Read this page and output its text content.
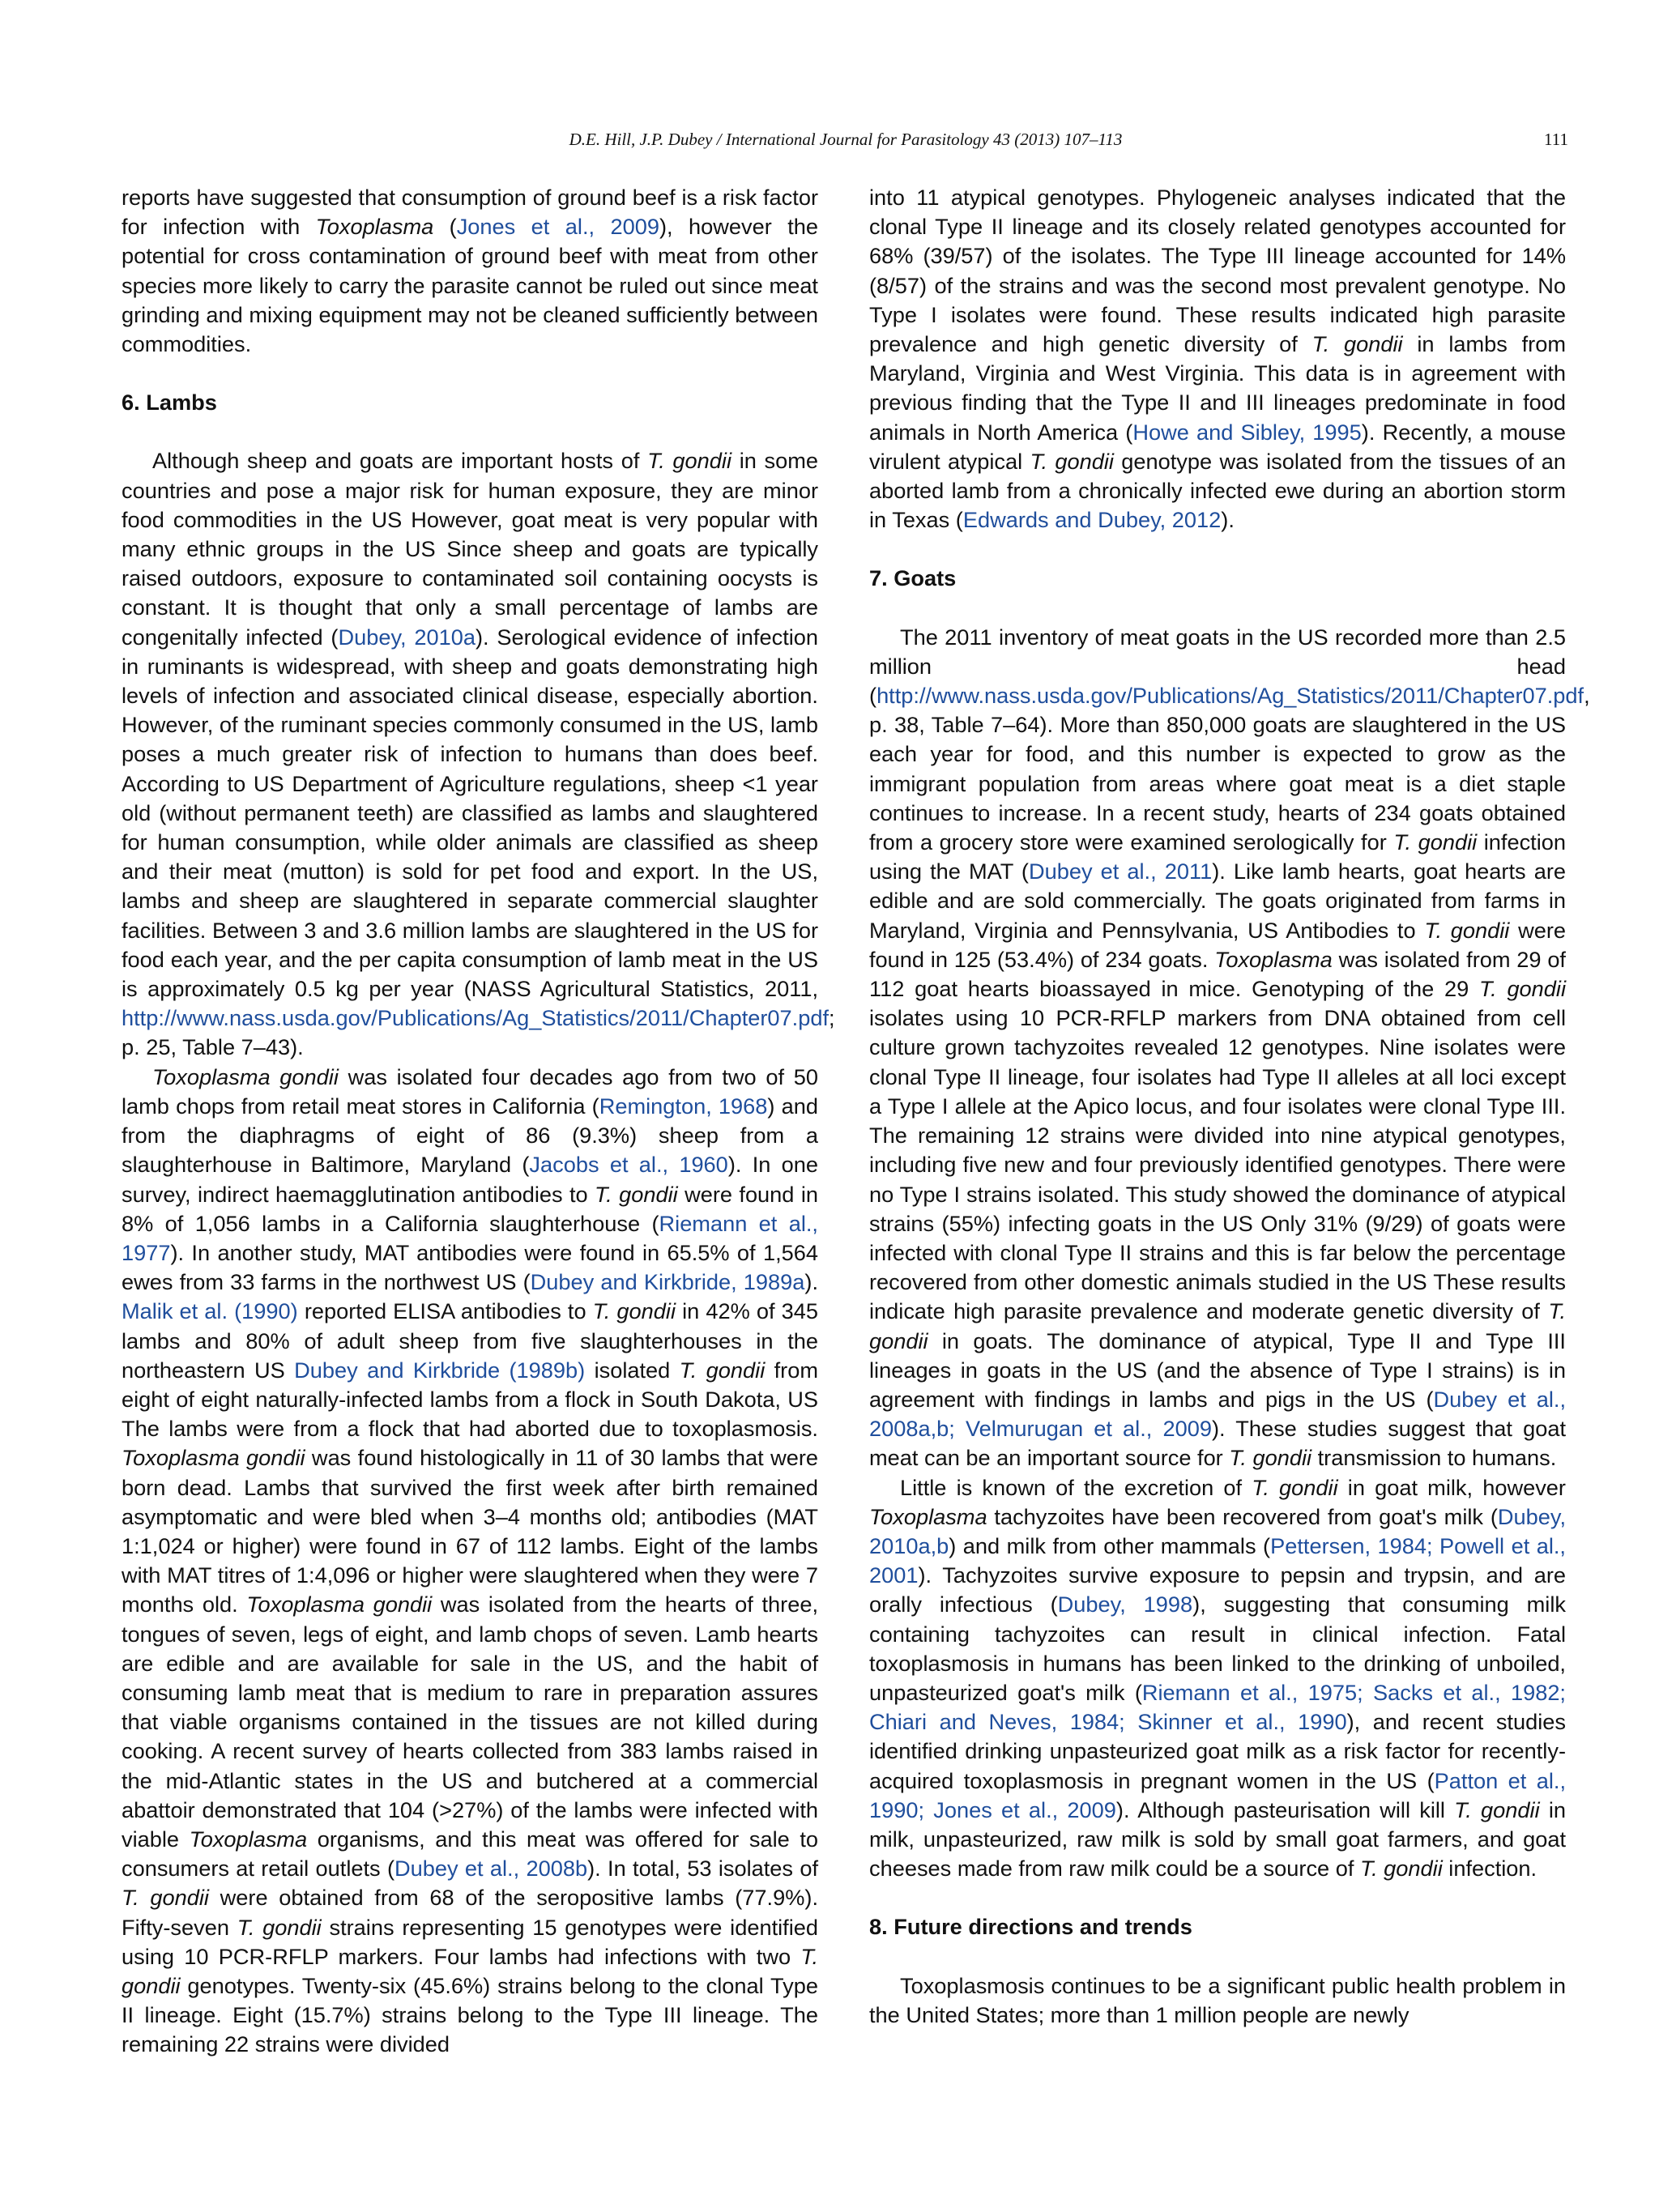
D.E. Hill, J.P. Dubey / International Journal for Parasitology 43 (2013) 107–113	111

reports have suggested that consumption of ground beef is a risk factor for infection with Toxoplasma (Jones et al., 2009), however the potential for cross contamination of ground beef with meat from other species more likely to carry the parasite cannot be ruled out since meat grinding and mixing equipment may not be cleaned sufficiently between commodities.

6. Lambs

Although sheep and goats are important hosts of T. gondii in some countries and pose a major risk for human exposure, they are minor food commodities in the US However, goat meat is very popular with many ethnic groups in the US Since sheep and goats are typically raised outdoors, exposure to contaminated soil containing oocysts is constant. It is thought that only a small percentage of lambs are congenitally infected (Dubey, 2010a). Serological evidence of infection in ruminants is widespread, with sheep and goats demonstrating high levels of infection and associated clinical disease, especially abortion. However, of the ruminant species commonly consumed in the US, lamb poses a much greater risk of infection to humans than does beef. According to US Department of Agriculture regulations, sheep <1 year old (without permanent teeth) are classified as lambs and slaughtered for human consumption, while older animals are classified as sheep and their meat (mutton) is sold for pet food and export. In the US, lambs and sheep are slaughtered in separate commercial slaughter facilities. Between 3 and 3.6 million lambs are slaughtered in the US for food each year, and the per capita consumption of lamb meat in the US is approximately 0.5 kg per year (NASS Agricultural Statistics, 2011, http://www.nass.usda.gov/Publications/Ag_Statistics/2011/Chapter07.pdf; p. 25, Table 7–43).

Toxoplasma gondii was isolated four decades ago from two of 50 lamb chops from retail meat stores in California (Remington, 1968) and from the diaphragms of eight of 86 (9.3%) sheep from a slaughterhouse in Baltimore, Maryland (Jacobs et al., 1960). In one survey, indirect haemagglutination antibodies to T. gondii were found in 8% of 1,056 lambs in a California slaughterhouse (Riemann et al., 1977). In another study, MAT antibodies were found in 65.5% of 1,564 ewes from 33 farms in the northwest US (Dubey and Kirkbride, 1989a). Malik et al. (1990) reported ELISA antibodies to T. gondii in 42% of 345 lambs and 80% of adult sheep from five slaughterhouses in the northeastern US Dubey and Kirkbride (1989b) isolated T. gondii from eight of eight naturally-infected lambs from a flock in South Dakota, US The lambs were from a flock that had aborted due to toxoplasmosis. Toxoplasma gondii was found histologically in 11 of 30 lambs that were born dead. Lambs that survived the first week after birth remained asymptomatic and were bled when 3–4 months old; antibodies (MAT 1:1,024 or higher) were found in 67 of 112 lambs. Eight of the lambs with MAT titres of 1:4,096 or higher were slaughtered when they were 7 months old. Toxoplasma gondii was isolated from the hearts of three, tongues of seven, legs of eight, and lamb chops of seven. Lamb hearts are edible and are available for sale in the US, and the habit of consuming lamb meat that is medium to rare in preparation assures that viable organisms contained in the tissues are not killed during cooking. A recent survey of hearts collected from 383 lambs raised in the mid-Atlantic states in the US and butchered at a commercial abattoir demonstrated that 104 (>27%) of the lambs were infected with viable Toxoplasma organisms, and this meat was offered for sale to consumers at retail outlets (Dubey et al., 2008b). In total, 53 isolates of T. gondii were obtained from 68 of the seropositive lambs (77.9%). Fifty-seven T. gondii strains representing 15 genotypes were identified using 10 PCR-RFLP markers. Four lambs had infections with two T. gondii genotypes. Twenty-six (45.6%) strains belong to the clonal Type II lineage. Eight (15.7%) strains belong to the Type III lineage. The remaining 22 strains were divided

into 11 atypical genotypes. Phylogeneic analyses indicated that the clonal Type II lineage and its closely related genotypes accounted for 68% (39/57) of the isolates. The Type III lineage accounted for 14% (8/57) of the strains and was the second most prevalent genotype. No Type I isolates were found. These results indicated high parasite prevalence and high genetic diversity of T. gondii in lambs from Maryland, Virginia and West Virginia. This data is in agreement with previous finding that the Type II and III lineages predominate in food animals in North America (Howe and Sibley, 1995). Recently, a mouse virulent atypical T. gondii genotype was isolated from the tissues of an aborted lamb from a chronically infected ewe during an abortion storm in Texas (Edwards and Dubey, 2012).

7. Goats

The 2011 inventory of meat goats in the US recorded more than 2.5 million head (http://www.nass.usda.gov/Publications/Ag_Statistics/2011/Chapter07.pdf, p. 38, Table 7–64). More than 850,000 goats are slaughtered in the US each year for food, and this number is expected to grow as the immigrant population from areas where goat meat is a diet staple continues to increase. In a recent study, hearts of 234 goats obtained from a grocery store were examined serologically for T. gondii infection using the MAT (Dubey et al., 2011). Like lamb hearts, goat hearts are edible and are sold commercially. The goats originated from farms in Maryland, Virginia and Pennsylvania, US Antibodies to T. gondii were found in 125 (53.4%) of 234 goats. Toxoplasma was isolated from 29 of 112 goat hearts bioassayed in mice. Genotyping of the 29 T. gondii isolates using 10 PCR-RFLP markers from DNA obtained from cell culture grown tachyzoites revealed 12 genotypes. Nine isolates were clonal Type II lineage, four isolates had Type II alleles at all loci except a Type I allele at the Apico locus, and four isolates were clonal Type III. The remaining 12 strains were divided into nine atypical genotypes, including five new and four previously identified genotypes. There were no Type I strains isolated. This study showed the dominance of atypical strains (55%) infecting goats in the US Only 31% (9/29) of goats were infected with clonal Type II strains and this is far below the percentage recovered from other domestic animals studied in the US These results indicate high parasite prevalence and moderate genetic diversity of T. gondii in goats. The dominance of atypical, Type II and Type III lineages in goats in the US (and the absence of Type I strains) is in agreement with findings in lambs and pigs in the US (Dubey et al., 2008a,b; Velmurugan et al., 2009). These studies suggest that goat meat can be an important source for T. gondii transmission to humans.

Little is known of the excretion of T. gondii in goat milk, however Toxoplasma tachyzoites have been recovered from goat's milk (Dubey, 2010a,b) and milk from other mammals (Pettersen, 1984; Powell et al., 2001). Tachyzoites survive exposure to pepsin and trypsin, and are orally infectious (Dubey, 1998), suggesting that consuming milk containing tachyzoites can result in clinical infection. Fatal toxoplasmosis in humans has been linked to the drinking of unboiled, unpasteurized goat's milk (Riemann et al., 1975; Sacks et al., 1982; Chiari and Neves, 1984; Skinner et al., 1990), and recent studies identified drinking unpasteurized goat milk as a risk factor for recently-acquired toxoplasmosis in pregnant women in the US (Patton et al., 1990; Jones et al., 2009). Although pasteurisation will kill T. gondii in milk, unpasteurized, raw milk is sold by small goat farmers, and goat cheeses made from raw milk could be a source of T. gondii infection.

8. Future directions and trends

Toxoplasmosis continues to be a significant public health problem in the United States; more than 1 million people are newly
